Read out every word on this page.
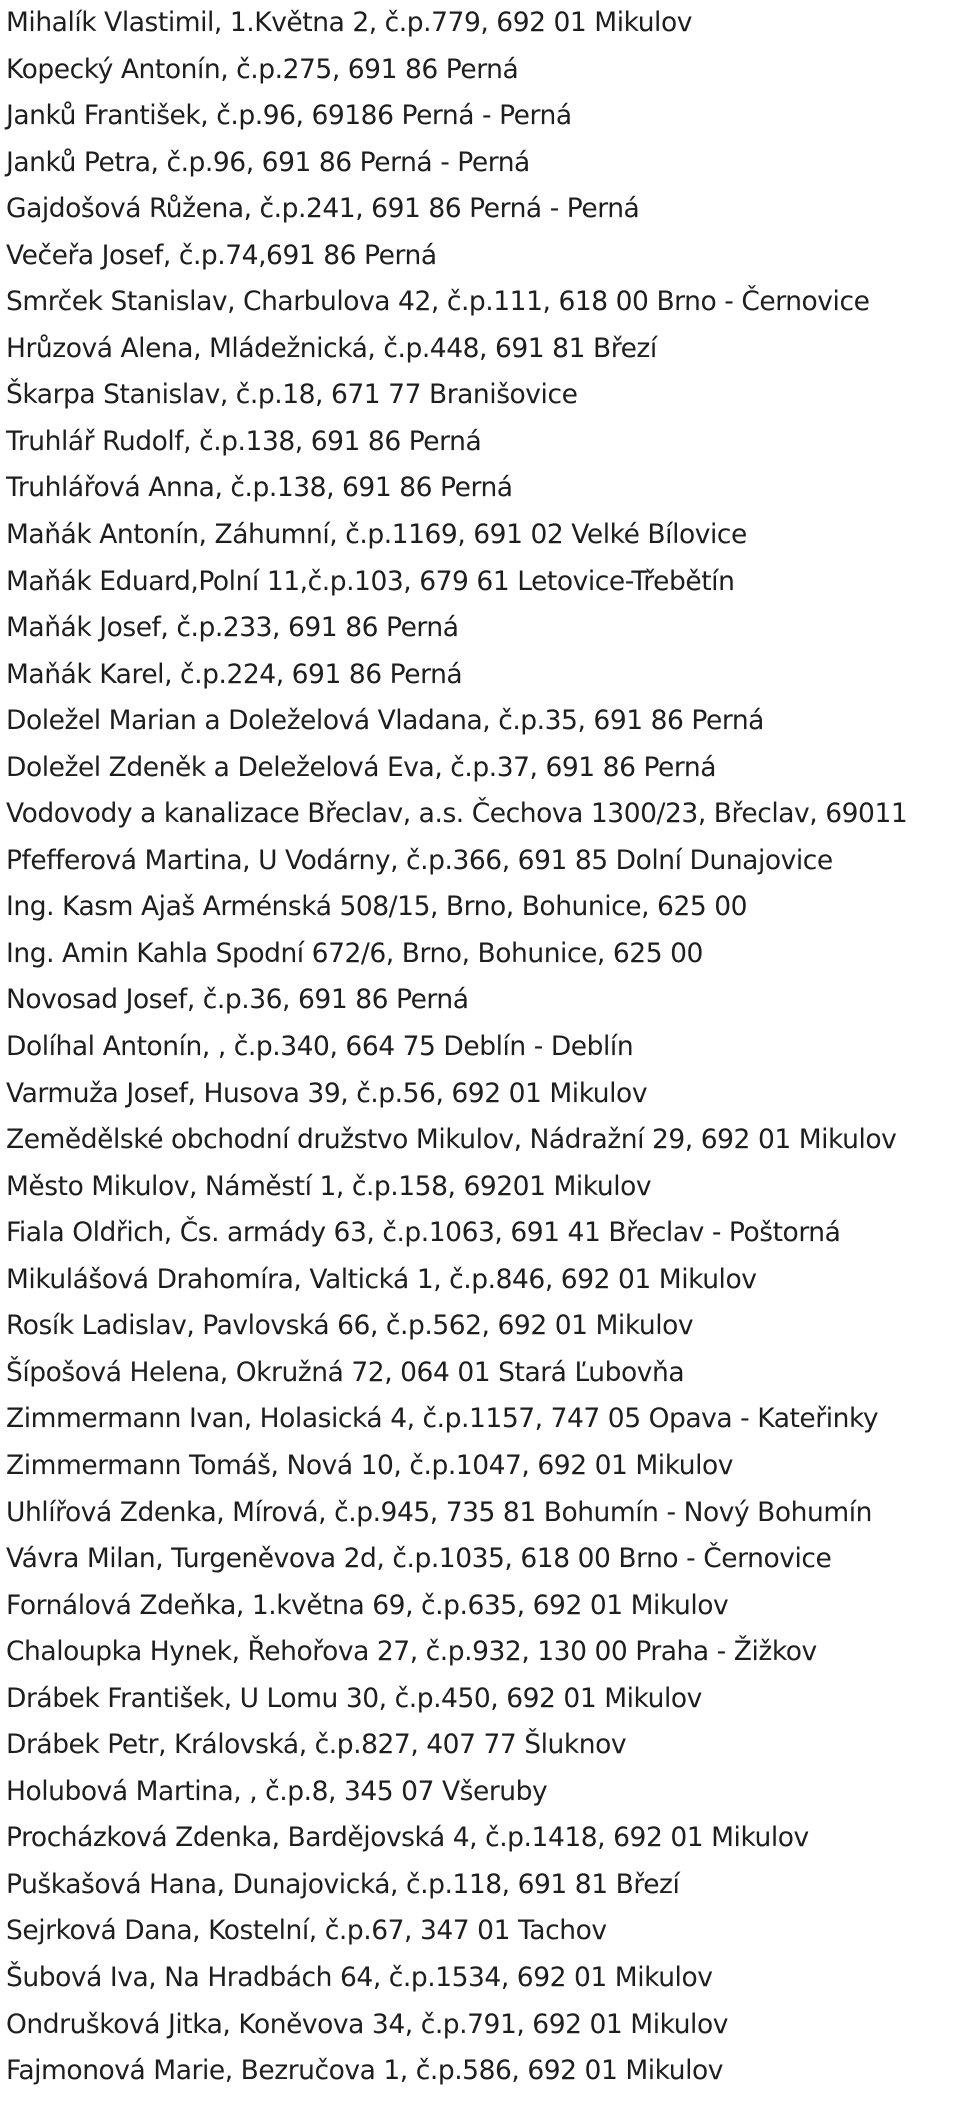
Mihalík Vlastimil, 1.Května 2, č.p.779, 692 01 Mikulov
Kopecký Antonín, č.p.275, 691 86 Perná
Janků František, č.p.96, 69186 Perná - Perná
Janků Petra, č.p.96, 691 86 Perná - Perná
Gajdošová Růžena, č.p.241, 691 86 Perná - Perná
Večeřa Josef, č.p.74,691 86 Perná
Smrček Stanislav, Charbulova 42, č.p.111, 618 00 Brno - Černovice
Hrůzová Alena, Mládežnická, č.p.448, 691 81 Březí
Škarpa Stanislav, č.p.18, 671 77 Branišovice
Truhlář Rudolf, č.p.138, 691 86 Perná
Truhlářová Anna, č.p.138, 691 86 Perná
Maňák Antonín, Záhumní, č.p.1169, 691 02 Velké Bílovice
Maňák Eduard,Polní 11,č.p.103, 679 61 Letovice-Třebětín
Maňák Josef, č.p.233, 691 86 Perná
Maňák Karel, č.p.224, 691 86 Perná
Doležel Marian a Doleželová Vladana, č.p.35, 691 86 Perná
Doležel Zdeněk a Deleželová Eva, č.p.37, 691 86 Perná
Vodovody a kanalizace Břeclav, a.s. Čechova 1300/23, Břeclav, 69011
Pfefferová Martina, U Vodárny, č.p.366, 691 85 Dolní Dunajovice
Ing. Kasm Ajaš Arménská 508/15, Brno, Bohunice, 625 00
Ing. Amin Kahla Spodní 672/6, Brno, Bohunice, 625 00
Novosad Josef, č.p.36, 691 86 Perná
Dolíhal Antonín, , č.p.340, 664 75 Deblín - Deblín
Varmuža Josef, Husova 39, č.p.56, 692 01 Mikulov
Zemědělské obchodní družstvo Mikulov, Nádražní 29, 692 01 Mikulov
Město Mikulov, Náměstí 1, č.p.158, 69201 Mikulov
Fiala Oldřich, Čs. armády 63, č.p.1063, 691 41 Břeclav - Poštorná
Mikulášová Drahomíra, Valtická 1, č.p.846, 692 01 Mikulov
Rosík Ladislav, Pavlovská 66, č.p.562, 692 01 Mikulov
Šípošová Helena, Okružná 72, 064 01 Stará Ľubovňa
Zimmermann Ivan, Holasická 4, č.p.1157, 747 05 Opava - Kateřinky
Zimmermann Tomáš, Nová 10, č.p.1047, 692 01 Mikulov
Uhlířová Zdenka, Mírová, č.p.945, 735 81 Bohumín - Nový Bohumín
Vávra Milan, Turgeněvova 2d, č.p.1035, 618 00 Brno - Černovice
Fornálová Zdeňka, 1.května 69, č.p.635, 692 01 Mikulov
Chaloupka Hynek, Řehořova 27, č.p.932, 130 00 Praha - Žižkov
Drábek František, U Lomu 30, č.p.450, 692 01 Mikulov
Drábek Petr, Královská, č.p.827, 407 77 Šluknov
Holubová Martina, , č.p.8, 345 07 Všeruby
Procházková Zdenka, Bardějovská 4, č.p.1418, 692 01 Mikulov
Puškašová Hana, Dunajovická, č.p.118, 691 81 Březí
Sejrková Dana, Kostelní, č.p.67, 347 01 Tachov
Šubová Iva, Na Hradbách 64, č.p.1534, 692 01 Mikulov
Ondrušková Jitka, Koněvova 34, č.p.791, 692 01 Mikulov
Fajmonová Marie, Bezručova 1, č.p.586, 692 01 Mikulov
